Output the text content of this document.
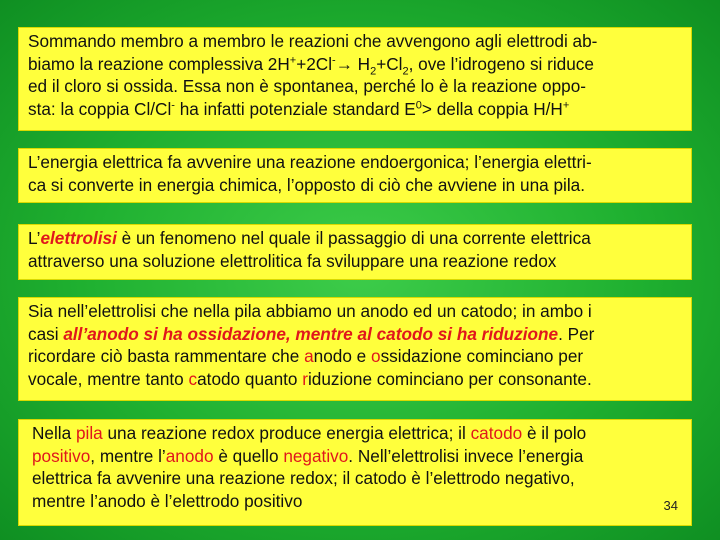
Sommando membro a membro le reazioni che avvengono agli elettrodi ab-
biamo la reazione complessiva $2H^++2Cl^-\to H_2+Cl_2$, ove l’idrogeno si riduce
ed il cloro si ossida. Essa non è spontanea, perché lo è la reazione oppo-
sta: la coppia Cl/Cl- ha infatti potenziale standard $E^0>$ della coppia H/H+
L’energia elettrica fa avvenire una reazione endoergonica; l’energia elettri-
ca si converte in energia chimica, l’opposto di ciò che avviene in una pila.
L’elettrolisi è un fenomeno nel quale il passaggio di una corrente elettrica
attraverso una soluzione elettrolitica fa sviluppare una reazione redox
Sia nell’elettrolisi che nella pila abbiamo un anodo ed un catodo; in ambo i
casi all’anodo si ha ossidazione, mentre al catodo si ha riduzione. Per
ricordare ciò basta rammentare che anodo e ossidazione cominciano per
vocale, mentre tanto catodo quanto riduzione cominciano per consonante.
Nella pila una reazione redox produce energia elettrica; il catodo è il polo
positivo, mentre l’anodo è quello negativo. Nell’elettrolisi invece l’energia
elettrica fa avvenire una reazione redox; il catodo è l’elettrodo negativo,
mentre l’anodo è l’elettrodo positivo	34
